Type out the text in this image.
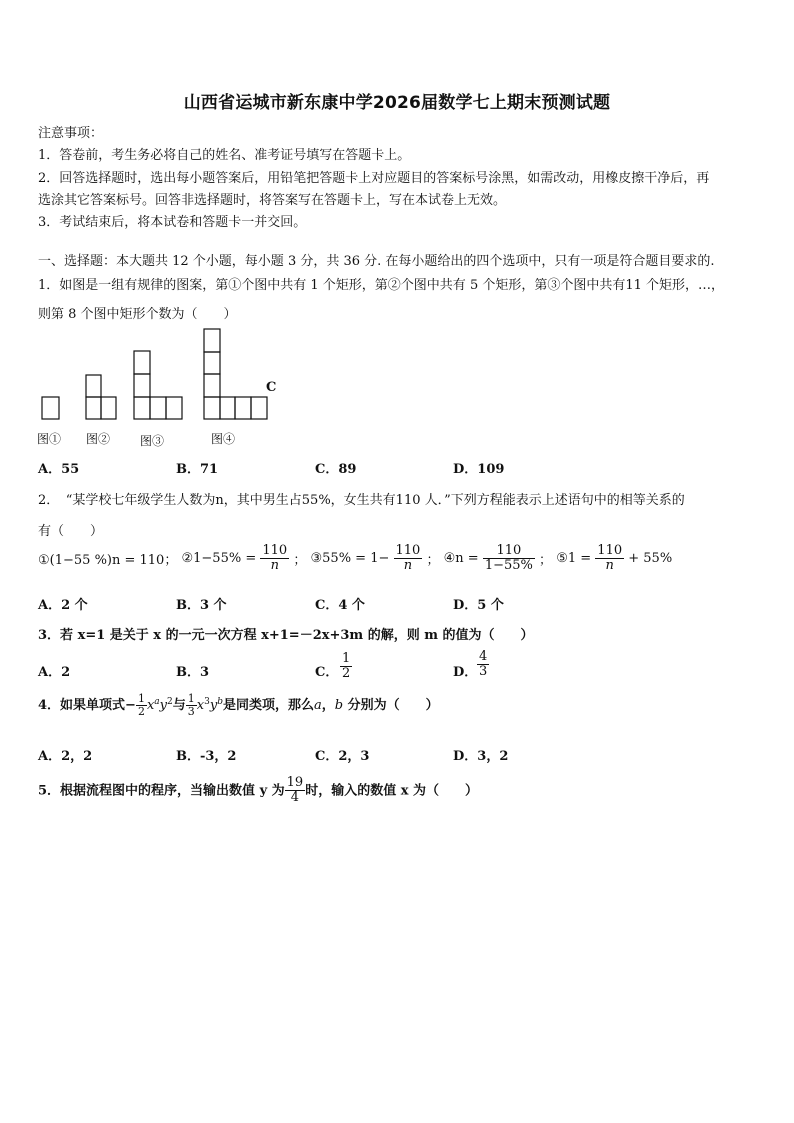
山西省运城市新东康中学2026届数学七上期末预测试题
注意事项：
1．答卷前，考生务必将自己的姓名、准考证号填写在答题卡上。
2．回答选择题时，选出每小题答案后，用铅笔把答题卡上对应题目的答案标号涂黑，如需改动，用橡皮擦干净后，再
选涂其它答案标号。回答非选择题时，将答案写在答题卡上，写在本试卷上无效。
3．考试结束后，将本试卷和答题卡一并交回。
一、选择题：本大题共 12 个小题，每小题 3 分，共 36 分. 在每小题给出的四个选项中，只有一项是符合题目要求的.
1．如图是一组有规律的图案，第①个图中共有 1 个矩形，第②个图中共有 5 个矩形，第③个图中共有11 个矩形，…，
则第 8 个图中矩形个数为（　　）
C
图① 图② 图③	图④
A．55	B．71	C．89	D．109
2．　“某学校七年级学生人数为n，其中男生占55%，女生共有110 人．”下列方程能表示上述语句中的相等关系的
有（　　）
①(1−55 %)n = 110； ②1−55% = $\frac{110}{n}$ ； ③55% = $1- \frac{110}{n}$ ； ④n = $\frac{110}{1-55\%}$ ； ⑤1 = $\frac{110}{n} + 55\%$
A．2 个	B．3 个	C．4 个	D．5 个
3．若 x=1 是关于 x 的一元一次方程 x+1=－2x+3m 的解，则 m 的值为（　　）
A．2	B．3	C． $\frac{1}{2}$	D． $\frac{4}{3}$
4．如果单项式− $\frac{1}{2} x^ay^2$与 $\frac{1}{3} x^3y^b$是同类项，那么a，b 分别为（　　）
A．2，2	B．-3，2	C．2，3	D．3，2
5．根据流程图中的程序，当输出数值 y 为 $\frac{19}{4}$ 时，输入的数值 x 为（　　）
